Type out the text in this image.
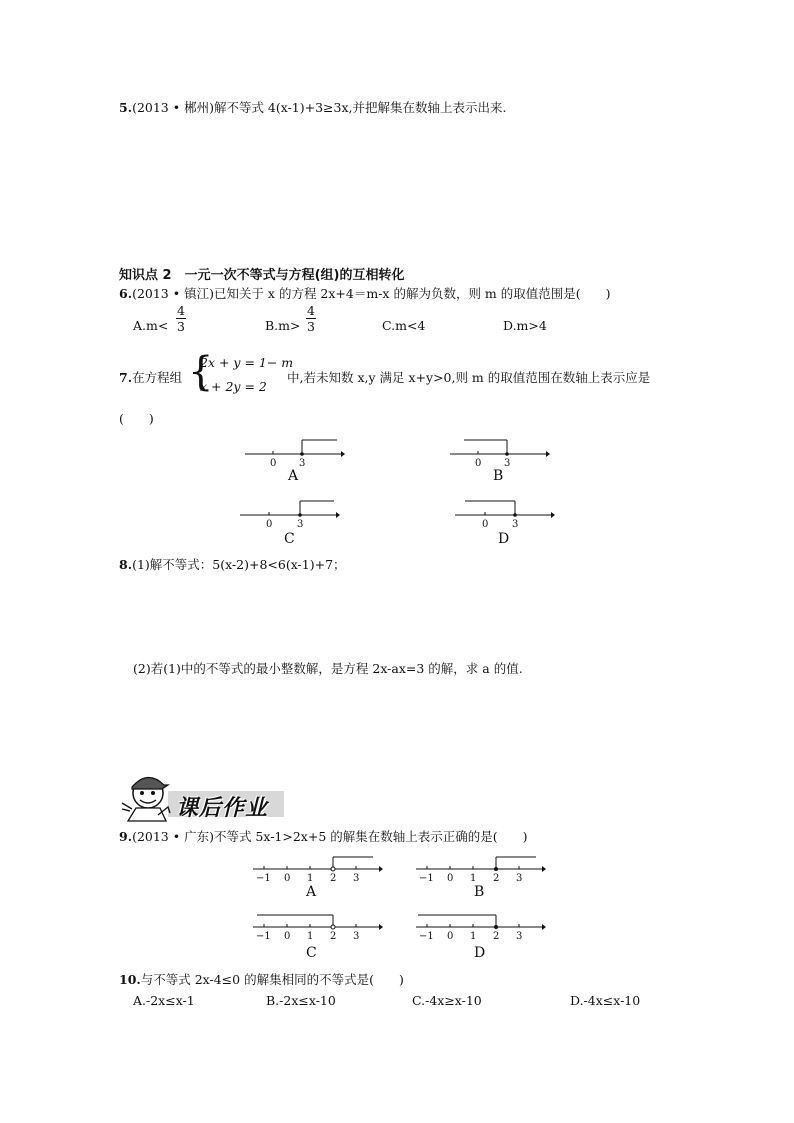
5.(2013 • 郴州)解不等式 4(x-1)+3≥3x,并把解集在数轴上表示出来.
知识点 2　一元一次不等式与方程(组)的互相转化
6.(2013 • 镇江)已知关于 x 的方程 2x+4＝m-x 的解为负数，则 m 的取值范围是(　　)
A.m<
4
3	B.m>
4
3	C.m<4	D.m>4
7.在方程组 {
2x + y = 1− m
x + 2y = 2
中,若未知数 x,y 满足 x+y>0,则 m 的取值范围在数轴上表示应是
(　　)
0 3
A
0 3
B
0 3
C
0 3
D
8.(1)解不等式：5(x-2)+8<6(x-1)+7；
(2)若(1)中的不等式的最小整数解，是方程 2x-ax=3 的解，求 a 的值.
课后作业
9.(2013 • 广东)不等式 5x-1>2x+5 的解集在数轴上表示正确的是(　　)
−1 0 1 2 3
A
−1 0 1 2 3
B
−1 0 1 2 3
C
−1 0 1 2 3
D
10.与不等式 2x-4≤0 的解集相同的不等式是(　　)
A.-2x≤x-1	B.-2x≤x-10	C.-4x≥x-10	D.-4x≤x-10
